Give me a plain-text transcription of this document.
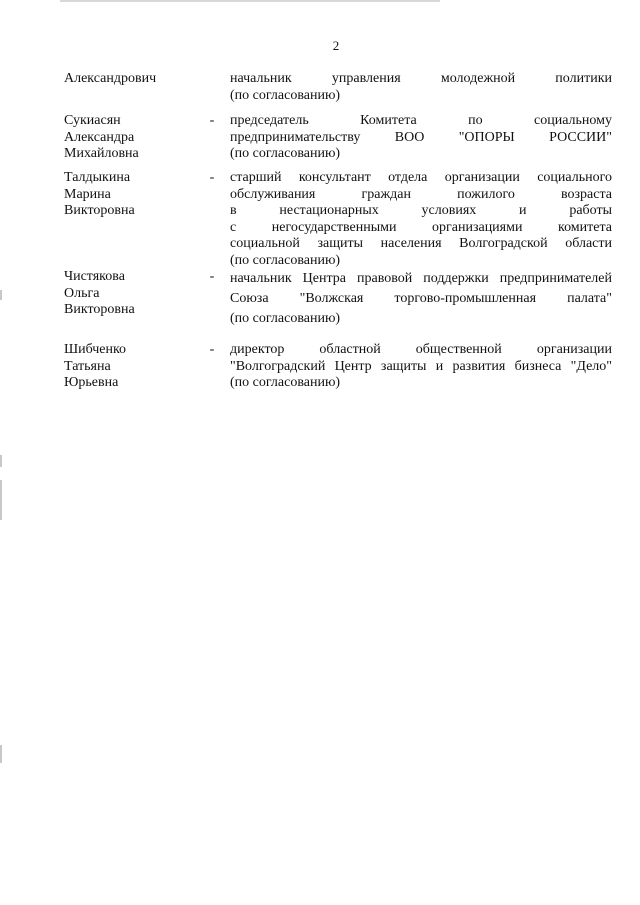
2
Александрович	начальник управления молодежной политики
(по согласованию)
Сукиасян
Александра
Михайловна
- председатель Комитета по социальному
предпринимательству ВОО "ОПОРЫ РОССИИ"
(по согласованию)
Талдыкина
Марина
Викторовна
- старший консультант отдела организации социального
обслуживания граждан пожилого возраста
в нестационарных условиях и работы
с негосударственными организациями комитета
социальной защиты населения Волгоградской области
(по согласованию)
Чистякова
Ольга
Викторовна
- начальник Центра правовой поддержки предпринимателей
Союза "Волжская торгово-промышленная палата"
(по согласованию)
Шибченко
Татьяна
Юрьевна
- директор областной общественной организации
"Волгоградский Центр защиты и развития бизнеса "Дело"
(по согласованию)
